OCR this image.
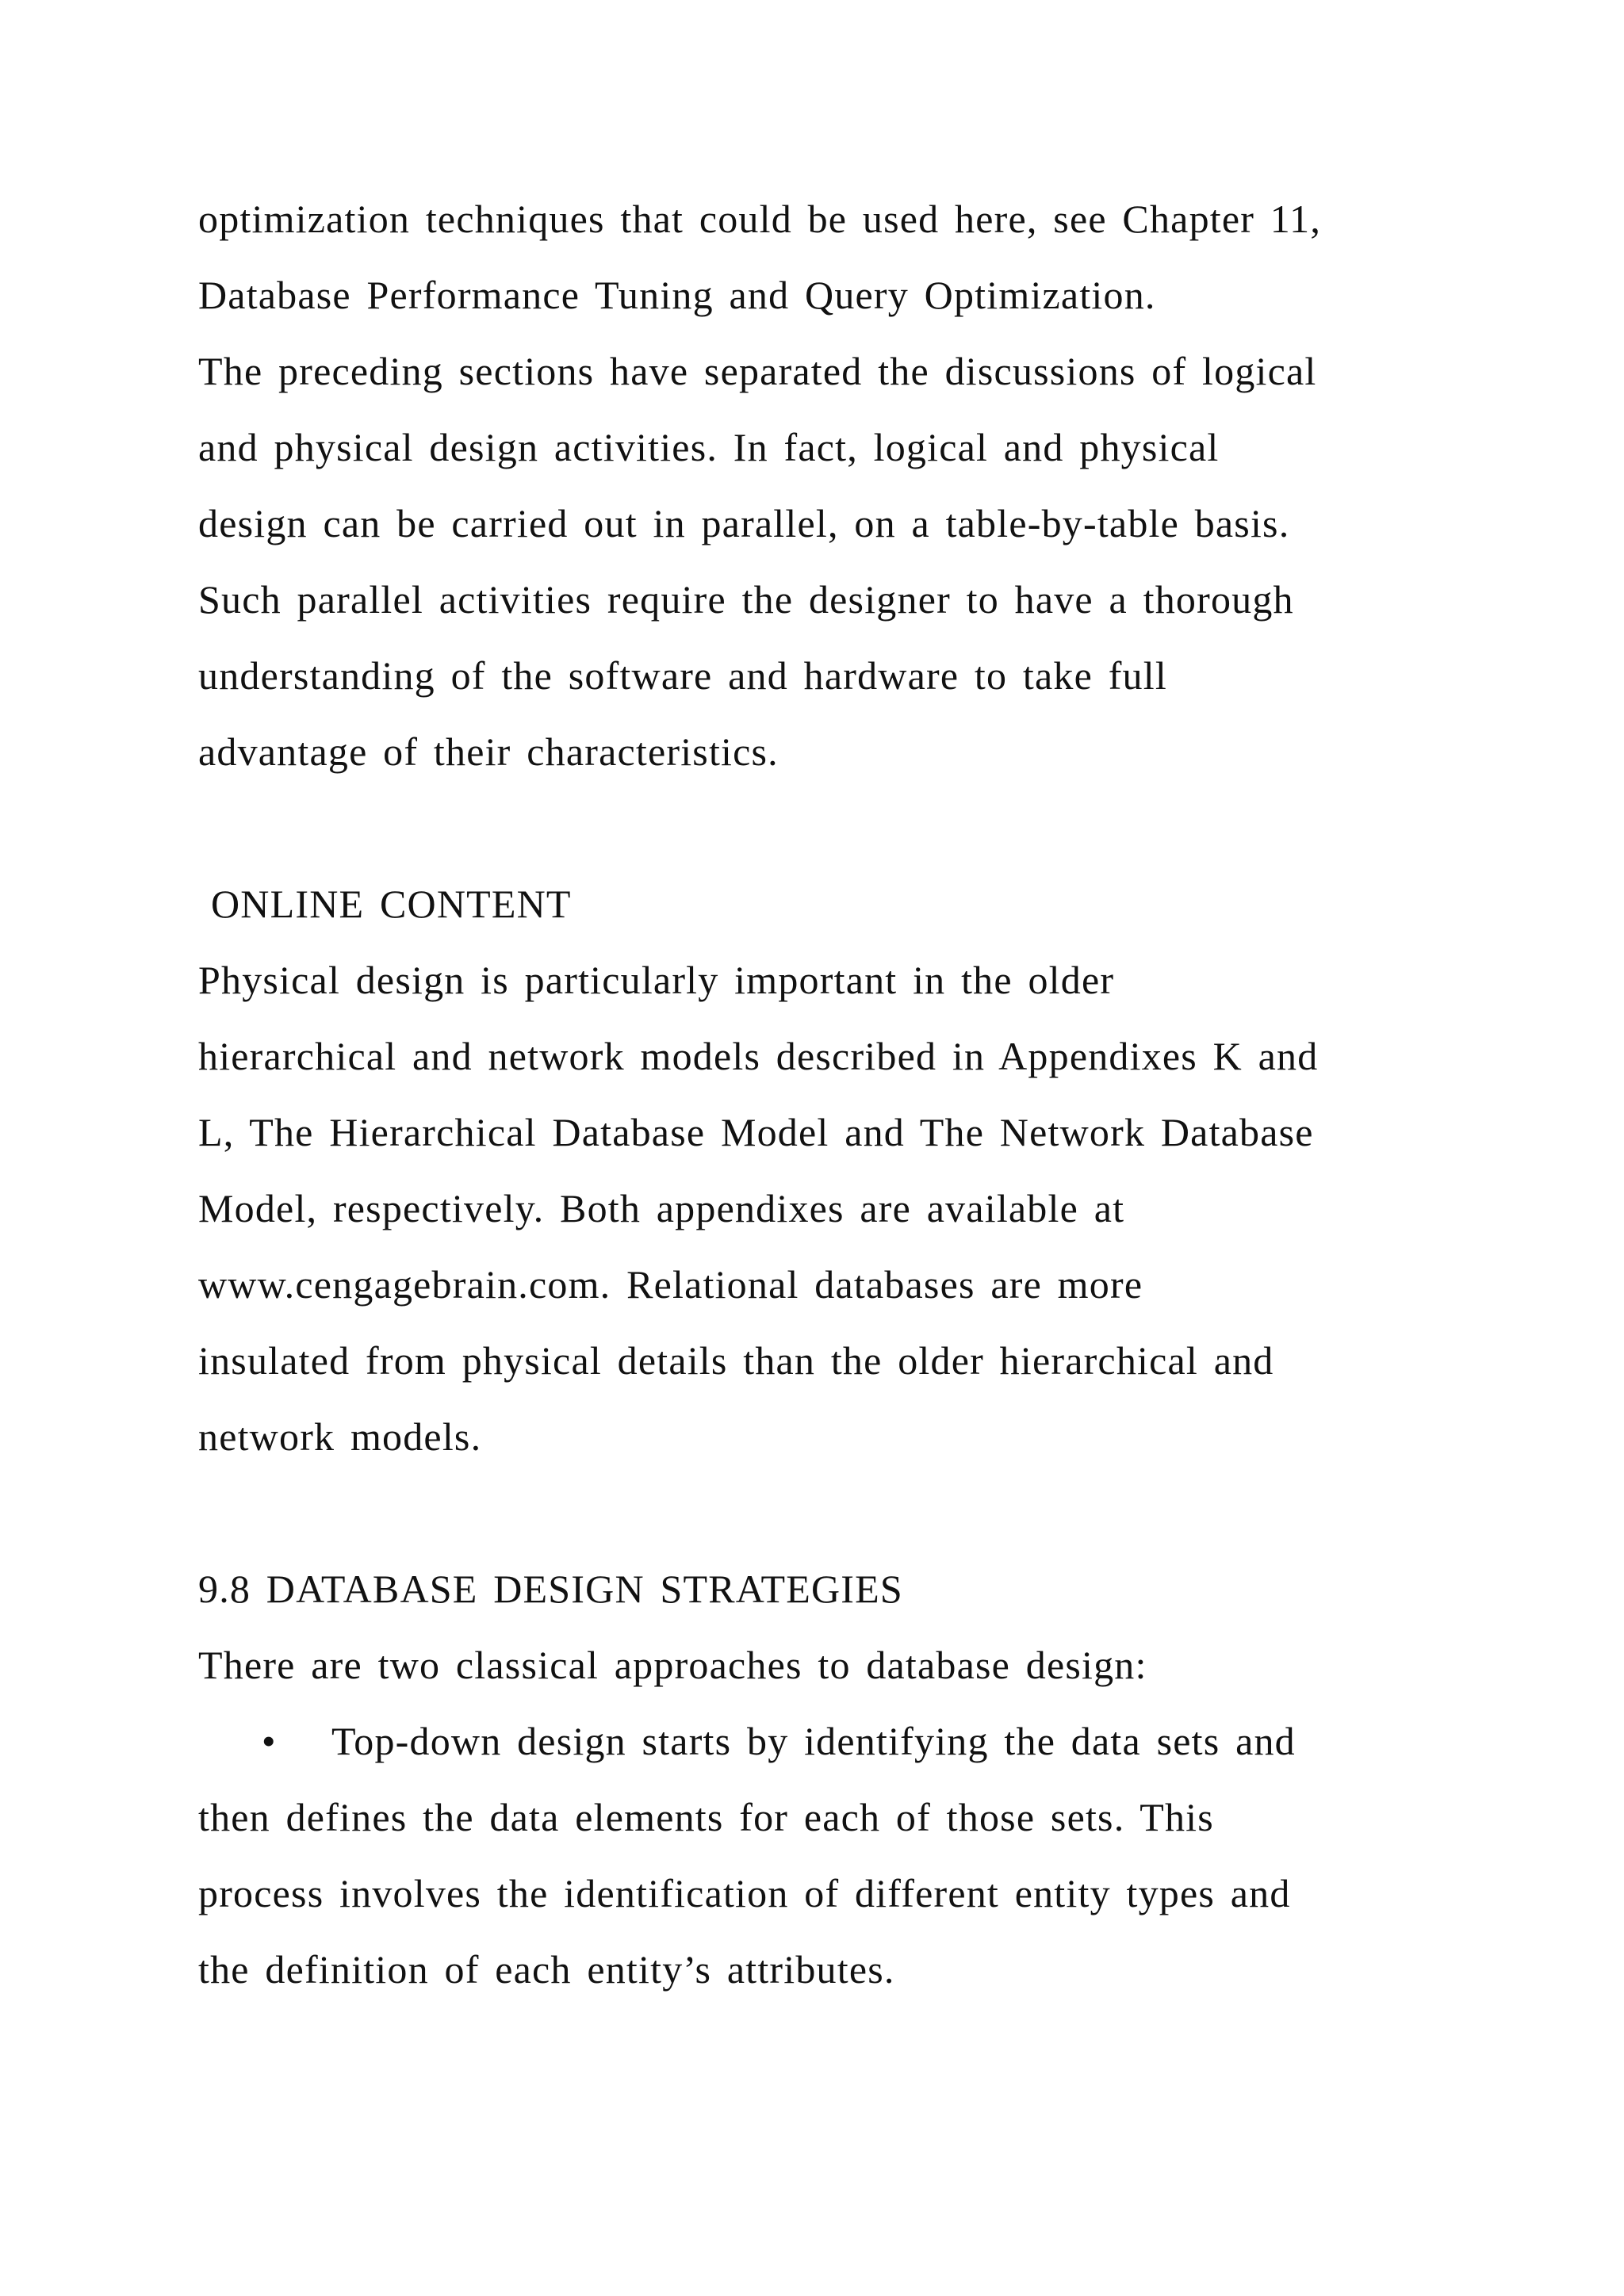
optimization techniques that could be used here, see Chapter 11,

Database Performance Tuning and Query Optimization.

The preceding sections have separated the discussions of logical

and physical design activities. In fact, logical and physical

design can be carried out in parallel, on a table-by-table basis.

Such parallel activities require the designer to have a thorough

understanding of the software and hardware to take full

advantage of their characteristics.

ONLINE CONTENT

Physical design is particularly important in the older

hierarchical and network models described in Appendixes K and

L, The Hierarchical Database Model and The Network Database

Model, respectively. Both appendixes are available at

www.cengagebrain.com. Relational databases are more

insulated from physical details than the older hierarchical and

network models.

9.8 DATABASE DESIGN STRATEGIES

There are two classical approaches to database design:

• Top-down design starts by identifying the data sets and

then defines the data elements for each of those sets. This

process involves the identification of different entity types and

the definition of each entity’s attributes.
